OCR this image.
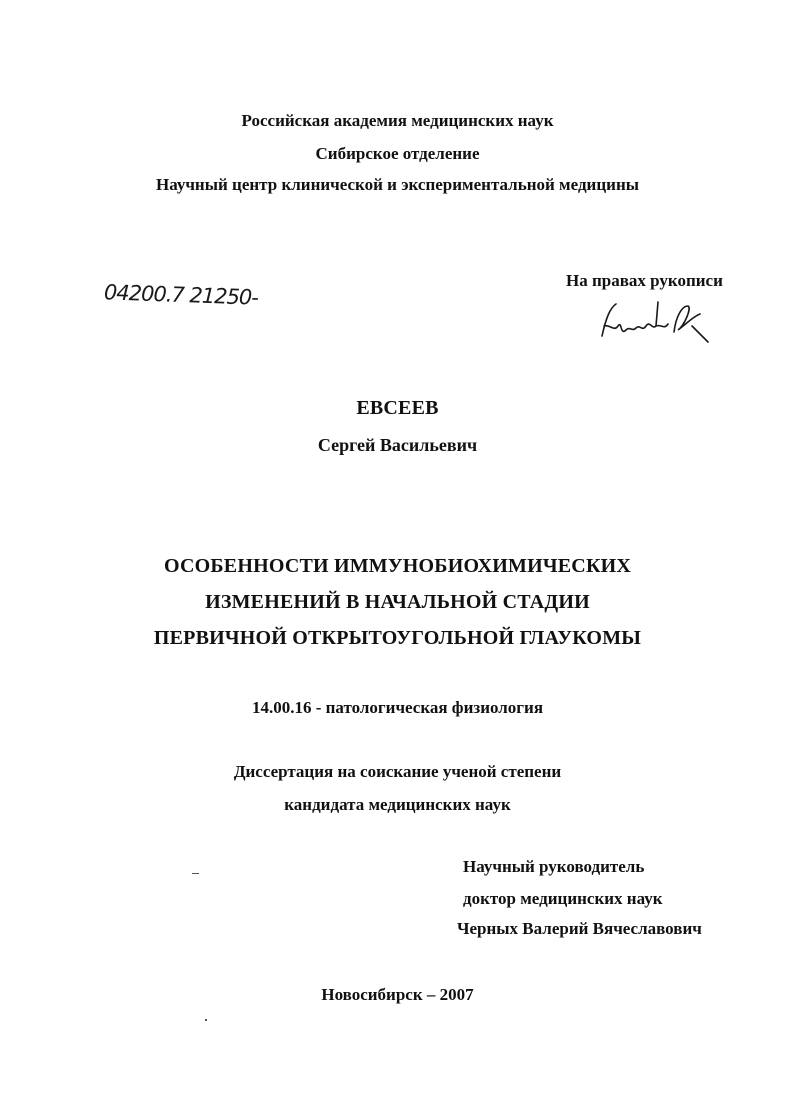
Российская академия медицинских наук
Сибирское отделение
Научный центр клинической и экспериментальной медицины
04200.7 21250-	На правах рукописи
ЕВСЕЕВ
Сергей Васильевич
ОСОБЕННОСТИ ИММУНОБИОХИМИЧЕСКИХ
ИЗМЕНЕНИЙ В НАЧАЛЬНОЙ СТАДИИ
ПЕРВИЧНОЙ ОТКРЫТОУГОЛЬНОЙ ГЛАУКОМЫ
14.00.16 - патологическая физиология
Диссертация на соискание ученой степени
кандидата медицинских наук
Научный руководитель
доктор медицинских наук
Черных Валерий Вячеславович
Новосибирск – 2007
